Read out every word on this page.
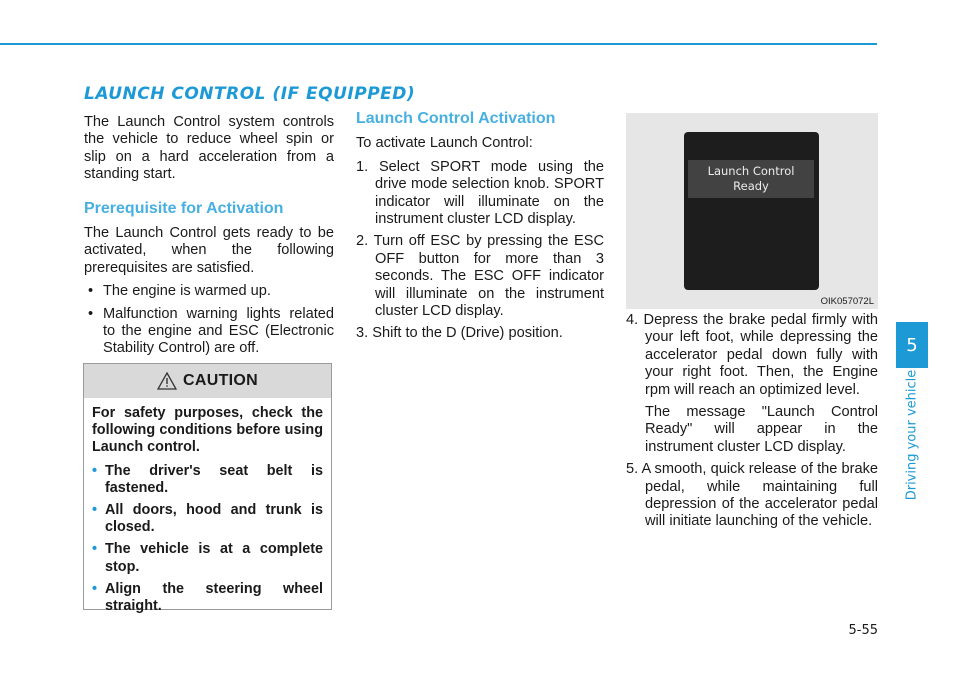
LAUNCH CONTROL (IF EQUIPPED)

The Launch Control system controls the vehicle to reduce wheel spin or slip on a hard acceleration from a standing start.

Prerequisite for Activation

The Launch Control gets ready to be activated, when the following prerequisites are satisfied.

• The engine is warmed up.
• Malfunction warning lights related to the engine and ESC (Electronic Stability Control) are off.
CAUTION

For safety purposes, check the following conditions before using Launch control.

• The driver's seat belt is fastened.
• All doors, hood and trunk is closed.
• The vehicle is at a complete stop.
• Align the steering wheel straight.
Launch Control Activation

To activate Launch Control:

1. Select SPORT mode using the drive mode selection knob. SPORT indicator will illuminate on the instrument cluster LCD display.

2. Turn off ESC by pressing the ESC OFF button for more than 3 seconds. The ESC OFF indicator will illuminate on the instrument cluster LCD display.

3. Shift to the D (Drive) position.

Launch Control
Ready
OIK057072L

4. Depress the brake pedal firmly with your left foot, while depressing the accelerator pedal down fully with your right foot. Then, the Engine rpm will reach an optimized level.

The message "Launch Control Ready" will appear in the instrument cluster LCD display.

5. A smooth, quick release of the brake pedal, while maintaining full depression of the accelerator pedal will initiate launching of the vehicle.

5
Driving your vehicle
5-55
